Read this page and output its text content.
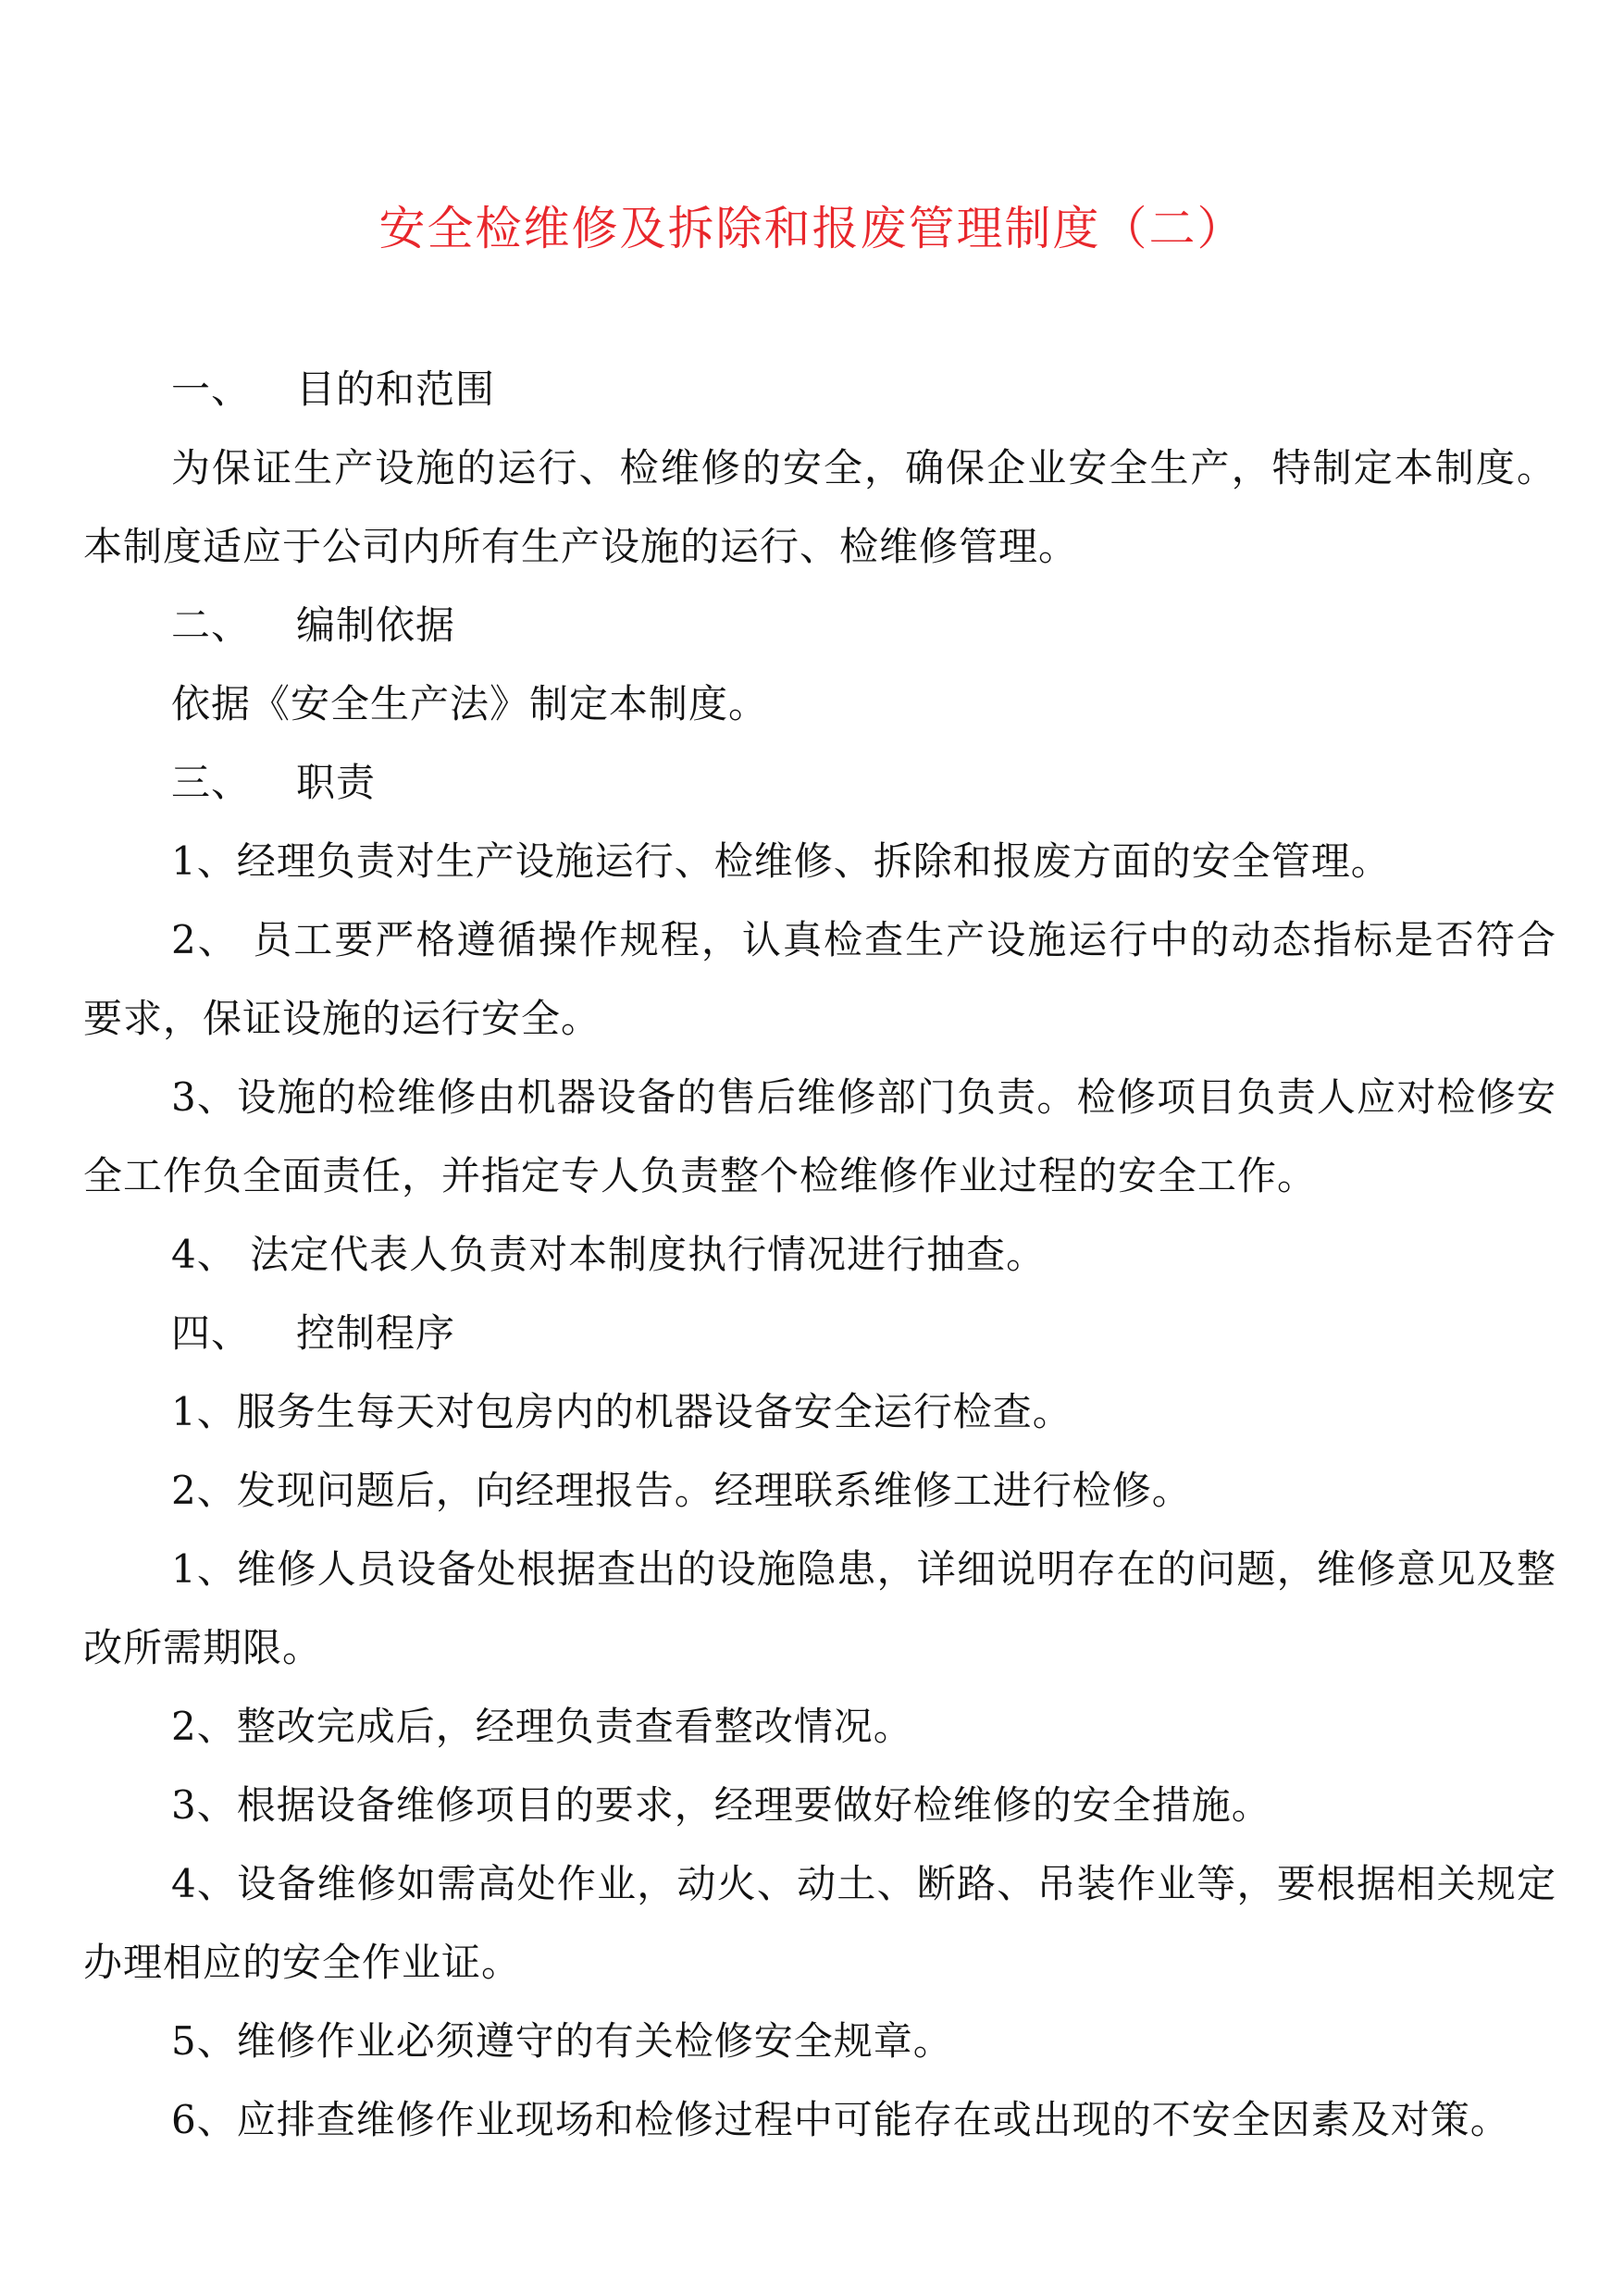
安全检维修及拆除和报废管理制度（二）

一、 目的和范围

为保证生产设施的运行、检维修的安全，确保企业安全生产，特制定本制度。本制度适应于公司内所有生产设施的运行、检维修管理。

二、 编制依据

依据《安全生产法》制定本制度。

三、 职责

1、经理负责对生产设施运行、检维修、拆除和报废方面的安全管理。

2、 员工要严格遵循操作规程，认真检查生产设施运行中的动态指标是否符合要求，保证设施的运行安全。

3、设施的检维修由机器设备的售后维修部门负责。检修项目负责人应对检修安全工作负全面责任，并指定专人负责整个检维修作业过程的安全工作。

4、 法定代表人负责对本制度执行情况进行抽查。

四、 控制程序

1、服务生每天对包房内的机器设备安全运行检查。

2、发现问题后，向经理报告。经理联系维修工进行检修。

1、维修人员设备处根据查出的设施隐患，详细说明存在的问题，维修意见及整改所需期限。

2、整改完成后，经理负责查看整改情况。

3、根据设备维修项目的要求，经理要做好检维修的安全措施。

4、设备维修如需高处作业，动火、动土、断路、吊装作业等，要根据相关规定办理相应的安全作业证。

5、维修作业必须遵守的有关检修安全规章。

6、应排查维修作业现场和检修过程中可能存在或出现的不安全因素及对策。
